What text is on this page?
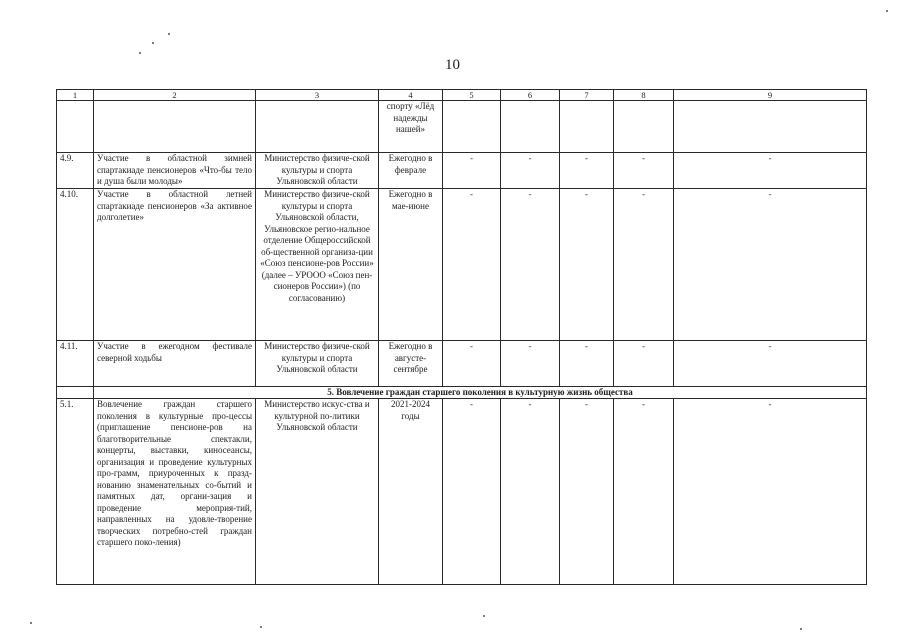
10
1	2	3	4	5	6	7	8	9
			спорту «Лёд надежды нашей»					
4.9.	Участие в областной зимней спартакиаде пенсионеров «Что-бы тело и душа были молоды»	Министерство физиче-ской культуры и спорта Ульяновской области	Ежегодно в феврале	-	-	-	-	-
4.10.	Участие в областной летней спартакиаде пенсионеров «За активное долголетие»	Министерство физиче-ской культуры и спорта Ульяновской области, Ульяновское регио-нальное отделение Общероссийской об-щественной организа-ции «Союз пенсионе-ров России» (далее – УРООО «Союз пен-сионеров России») (по согласованию)	Ежегодно в мае-июне	-	-	-	-	-
4.11.	Участие в ежегодном фестивале северной ходьбы	Министерство физиче-ской культуры и спорта Ульяновской области	Ежегодно в августе-сентябре	-	-	-	-	-
	5. Вовлечение граждан старшего поколения в культурную жизнь общества							
5.1.	Вовлечение граждан старшего поколения в культурные про-цессы (приглашение пенсионе-ров на благотворительные спектакли, концерты, выставки, киносеансы, организация и проведение культурных про-грамм, приуроченных к празд-нованию знаменательных со-бытий и памятных дат, органи-зация и проведение мероприя-тий, направленных на удовле-творение творческих потребно-стей граждан старшего поко-ления)	Министерство искус-ства и культурной по-литики Ульяновской области	2021-2024 годы	-	-	-	-	-
